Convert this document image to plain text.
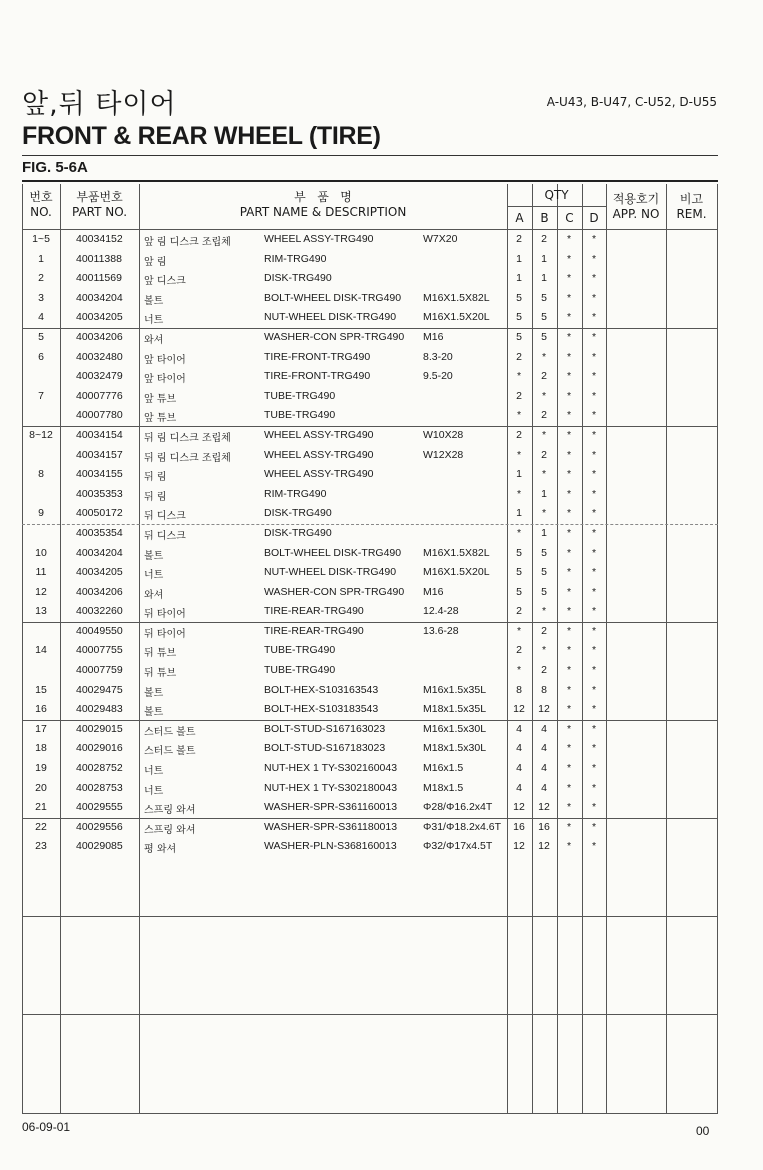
앞,뒤 타이어	A-U43, B-U47, C-U52, D-U55
FRONT & REAR WHEEL (TIRE)
FIG. 5-6A
번호
NO.
부품번호
PART NO.
부   품   명
PART NAME & DESCRIPTION
QTY
A	B	C	D
적용호기
APP. NO
비고
REM.
1~5	40034152 앞 림 디스크 조립체	WHEEL ASSY-TRG490	W7X20	2	2	*	*
1	40011388 앞 림	RIM-TRG490	1	1	*	*
2	40011569 앞 디스크	DISK-TRG490	1	1	*	*
3	40034204 볼트	BOLT-WHEEL DISK-TRG490 M16X1.5X82L	5	5	*	*
4	40034205 너트	NUT-WHEEL DISK-TRG490	M16X1.5X20L	5	5	*	*
5	40034206 와셔	WASHER-CON SPR-TRG490 M16	5	5	*	*
6	40032480 앞 타이어	TIRE-FRONT-TRG490	8.3-20	2	*	*	*
40032479 앞 타이어	TIRE-FRONT-TRG490	9.5-20	*	2	*	*
7	40007776 앞 튜브	TUBE-TRG490	2	*	*	*
40007780 앞 튜브	TUBE-TRG490	*	2	*	*
8~12	40034154 뒤 림 디스크 조립체	WHEEL ASSY-TRG490	W10X28	2	*	*	*
40034157 뒤 림 디스크 조립체	WHEEL ASSY-TRG490	W12X28	*	2	*	*
8	40034155 뒤 림	WHEEL ASSY-TRG490	1	*	*	*
40035353 뒤 림	RIM-TRG490	*	1	*	*
9	40050172 뒤 디스크	DISK-TRG490	1	*	*	*
40035354 뒤 디스크	DISK-TRG490	*	1	*	*
10	40034204 볼트	BOLT-WHEEL DISK-TRG490 M16X1.5X82L	5	5	*	*
11	40034205 너트	NUT-WHEEL DISK-TRG490	M16X1.5X20L	5	5	*	*
12	40034206 와셔	WASHER-CON SPR-TRG490 M16	5	5	*	*
13	40032260 뒤 타이어	TIRE-REAR-TRG490	12.4-28	2	*	*	*
40049550 뒤 타이어	TIRE-REAR-TRG490	13.6-28	*	2	*	*
14	40007755 뒤 튜브	TUBE-TRG490	2	*	*	*
40007759 뒤 튜브	TUBE-TRG490	*	2	*	*
15	40029475 볼트	BOLT-HEX-S103163543	M16x1.5x35L	8	8	*	*
16	40029483 볼트	BOLT-HEX-S103183543	M18x1.5x35L	12	12	*	*
17	40029015 스터드 볼트	BOLT-STUD-S167163023	M16x1.5x30L	4	4	*	*
18	40029016 스터드 볼트	BOLT-STUD-S167183023	M18x1.5x30L	4	4	*	*
19	40028752 너트	NUT-HEX 1 TY-S302160043 M16x1.5	4	4	*	*
20	40028753 너트	NUT-HEX 1 TY-S302180043 M18x1.5	4	4	*	*
21	40029555 스프링 와셔	WASHER-SPR-S361160013 Φ28/Φ16.2x4T	12	12	*	*
22	40029556 스프링 와셔	WASHER-SPR-S361180013 Φ31/Φ18.2x4.6T	16	16	*	*
23	40029085 평 와셔	WASHER-PLN-S368160013	Φ32/Φ17x4.5T	12	12	*	*
06-09-01	00
